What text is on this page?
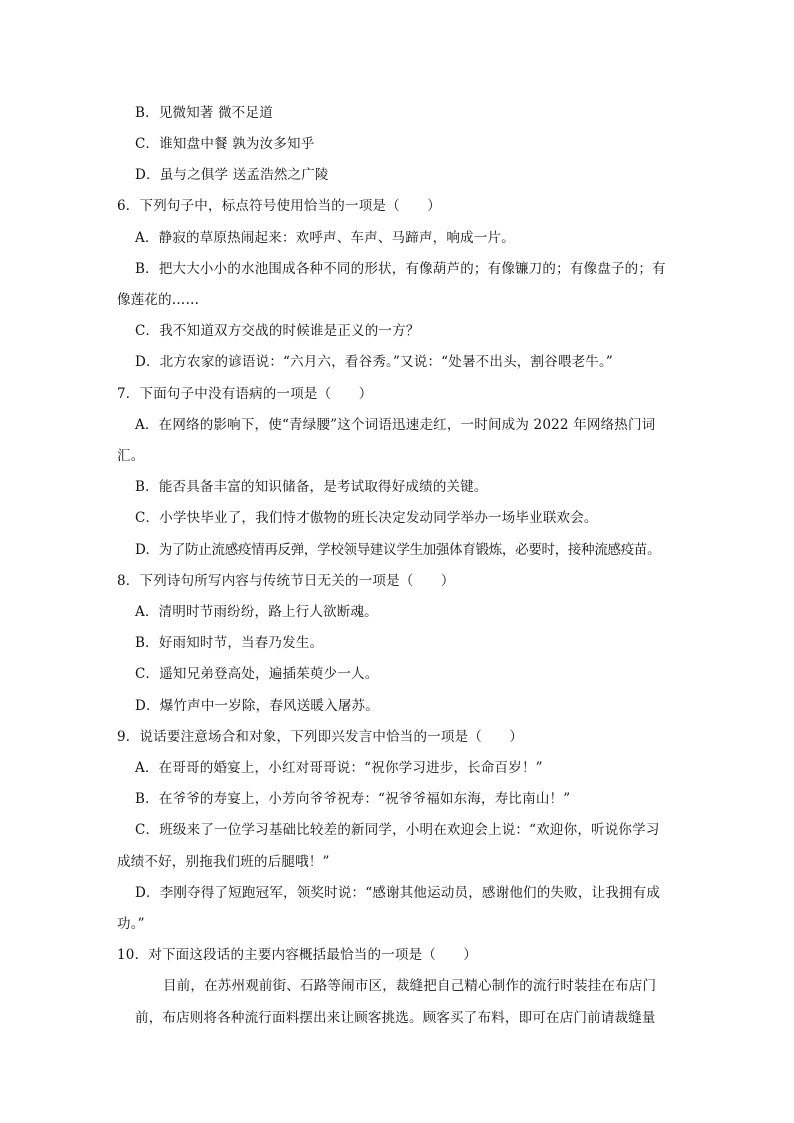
B．见微知著 微不足道
C．谁知盘中餐 孰为汝多知乎
D．虽与之俱学 送孟浩然之广陵
6．下列句子中，标点符号使用恰当的一项是（　　）
A．静寂的草原热闹起来：欢呼声、车声、马蹄声，响成一片。
B．把大大小小的水池围成各种不同的形状，有像葫芦的；有像镰刀的；有像盘子的；有
像莲花的……
C．我不知道双方交战的时候谁是正义的一方？
D．北方农家的谚语说：“六月六，看谷秀。”又说：“处暑不出头，割谷喂老牛。”
7．下面句子中没有语病的一项是（　　）
A．在网络的影响下，使“青绿腰”这个词语迅速走红，一时间成为 2022 年网络热门词
汇。
B．能否具备丰富的知识储备，是考试取得好成绩的关键。
C．小学快毕业了，我们恃才傲物的班长决定发动同学举办一场毕业联欢会。
D．为了防止流感疫情再反弹，学校领导建议学生加强体育锻炼，必要时，接种流感疫苗。
8．下列诗句所写内容与传统节日无关的一项是（　　）
A．清明时节雨纷纷，路上行人欲断魂。
B．好雨知时节，当春乃发生。
C．遥知兄弟登高处，遍插茱萸少一人。
D．爆竹声中一岁除，春风送暖入屠苏。
9．说话要注意场合和对象，下列即兴发言中恰当的一项是（　　）
A．在哥哥的婚宴上，小红对哥哥说：“祝你学习进步，长命百岁！”
B．在爷爷的寿宴上，小芳向爷爷祝寿：“祝爷爷福如东海，寿比南山！”
C．班级来了一位学习基础比较差的新同学，小明在欢迎会上说：“欢迎你，听说你学习
成绩不好，别拖我们班的后腿哦！”
D．李刚夺得了短跑冠军，领奖时说：“感谢其他运动员，感谢他们的失败，让我拥有成
功。”
10．对下面这段话的主要内容概括最恰当的一项是（　　）
目前，在苏州观前街、石路等闹市区，裁缝把自己精心制作的流行时装挂在布店门
前，布店则将各种流行面料摆出来让顾客挑选。顾客买了布料，即可在店门前请裁缝量
